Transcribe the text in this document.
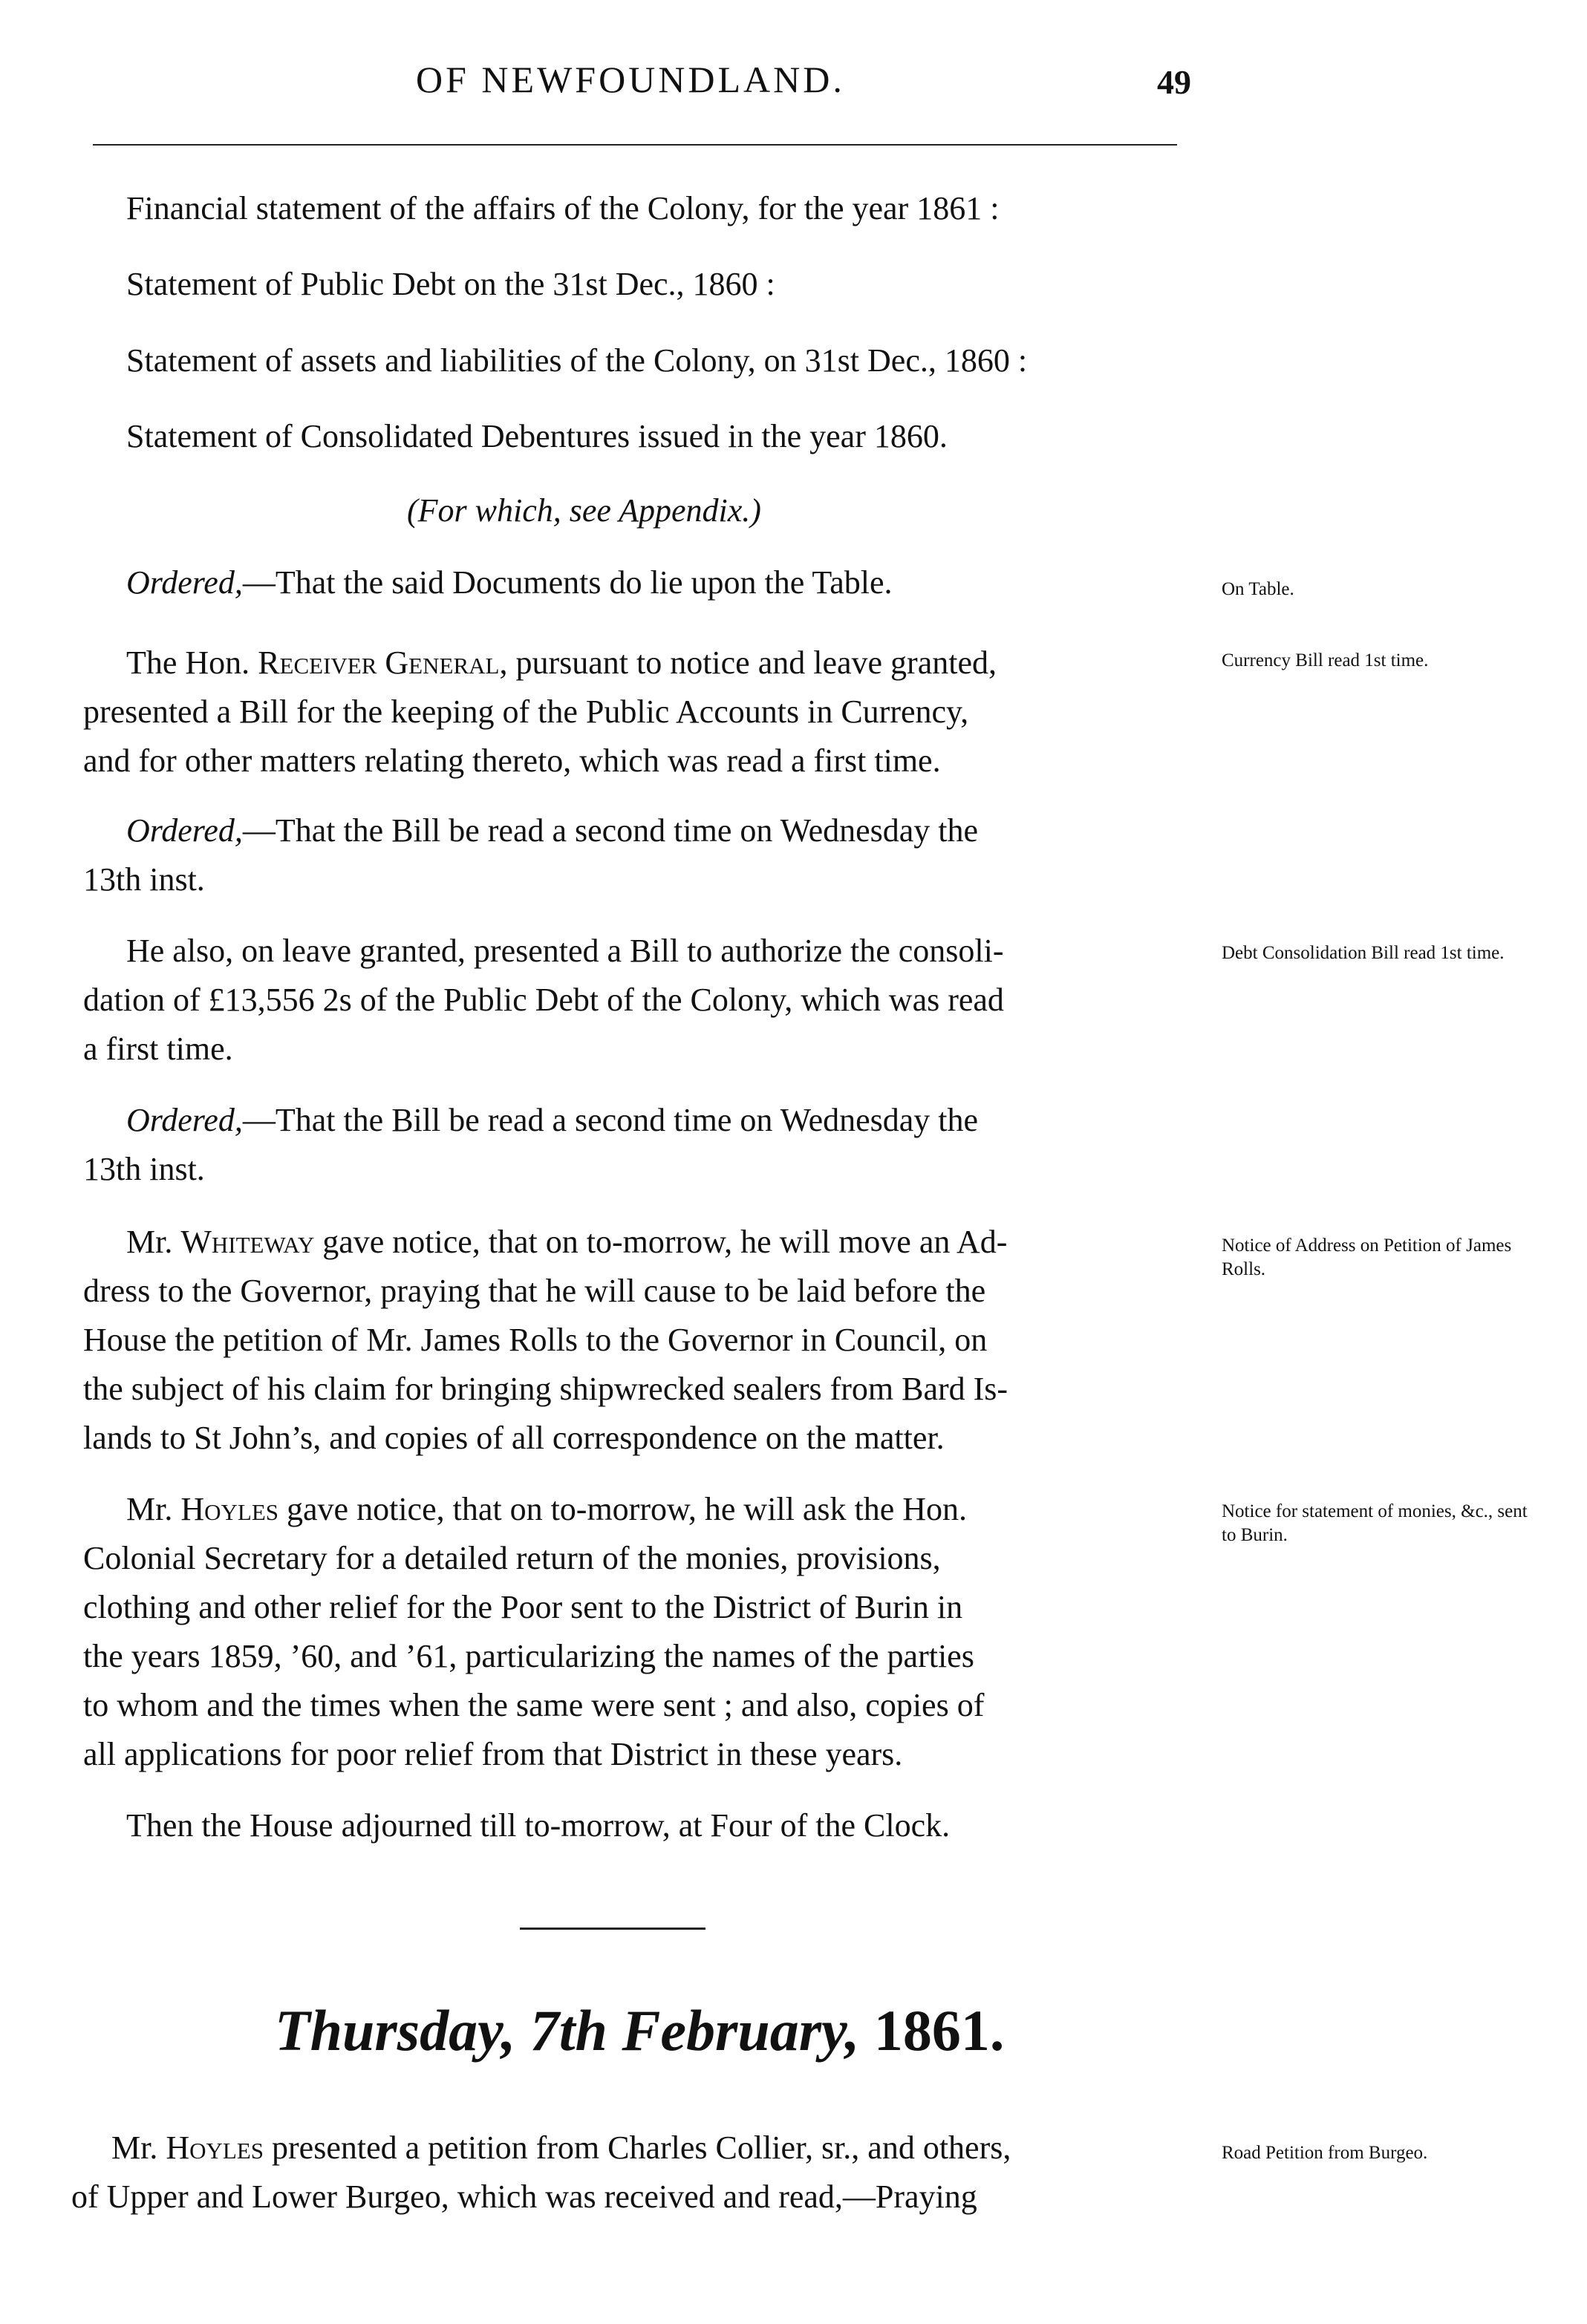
OF NEWFOUNDLAND.	49
Financial statement of the affairs of the Colony, for the year 1861 :
Statement of Public Debt on the 31st Dec., 1860 :
Statement of assets and liabilities of the Colony, on 31st Dec., 1860 :
Statement of Consolidated Debentures issued in the year 1860.
(For which, see Appendix.)
Ordered,—That the said Documents do lie upon the Table.	On Table.
The Hon. Receiver General, pursuant to notice and leave granted,
presented a Bill for the keeping of the Public Accounts in Currency,
and for other matters relating thereto, which was read a first time.
Currency Bill read 1st time.
Ordered,—That the Bill be read a second time on Wednesday the
13th inst.
He also, on leave granted, presented a Bill to authorize the consoli-
dation of £13,556 2s of the Public Debt of the Colony, which was read
a first time.
Debt Consolidation Bill read 1st time.
Ordered,—That the Bill be read a second time on Wednesday the
13th inst.
Mr. Whiteway gave notice, that on to-morrow, he will move an Ad-
dress to the Governor, praying that he will cause to be laid before the
House the petition of Mr. James Rolls to the Governor in Council, on
the subject of his claim for bringing shipwrecked sealers from Bard Is-
lands to St John’s, and copies of all correspondence on the matter.
Notice of Address on Petition of James Rolls.
Mr. Hoyles gave notice, that on to-morrow, he will ask the Hon.
Colonial Secretary for a detailed return of the monies, provisions,
clothing and other relief for the Poor sent to the District of Burin in
the years 1859, ’60, and ’61, particularizing the names of the parties
to whom and the times when the same were sent ; and also, copies of
all applications for poor relief from that District in these years.
Notice for statement of monies, &c., sent to Burin.
Then the House adjourned till to-morrow, at Four of the Clock.
Thursday, 7th February, 1861.
Mr. Hoyles presented a petition from Charles Collier, sr., and others,
of Upper and Lower Burgeo, which was received and read,—Praying
Road Petition from Burgeo.
